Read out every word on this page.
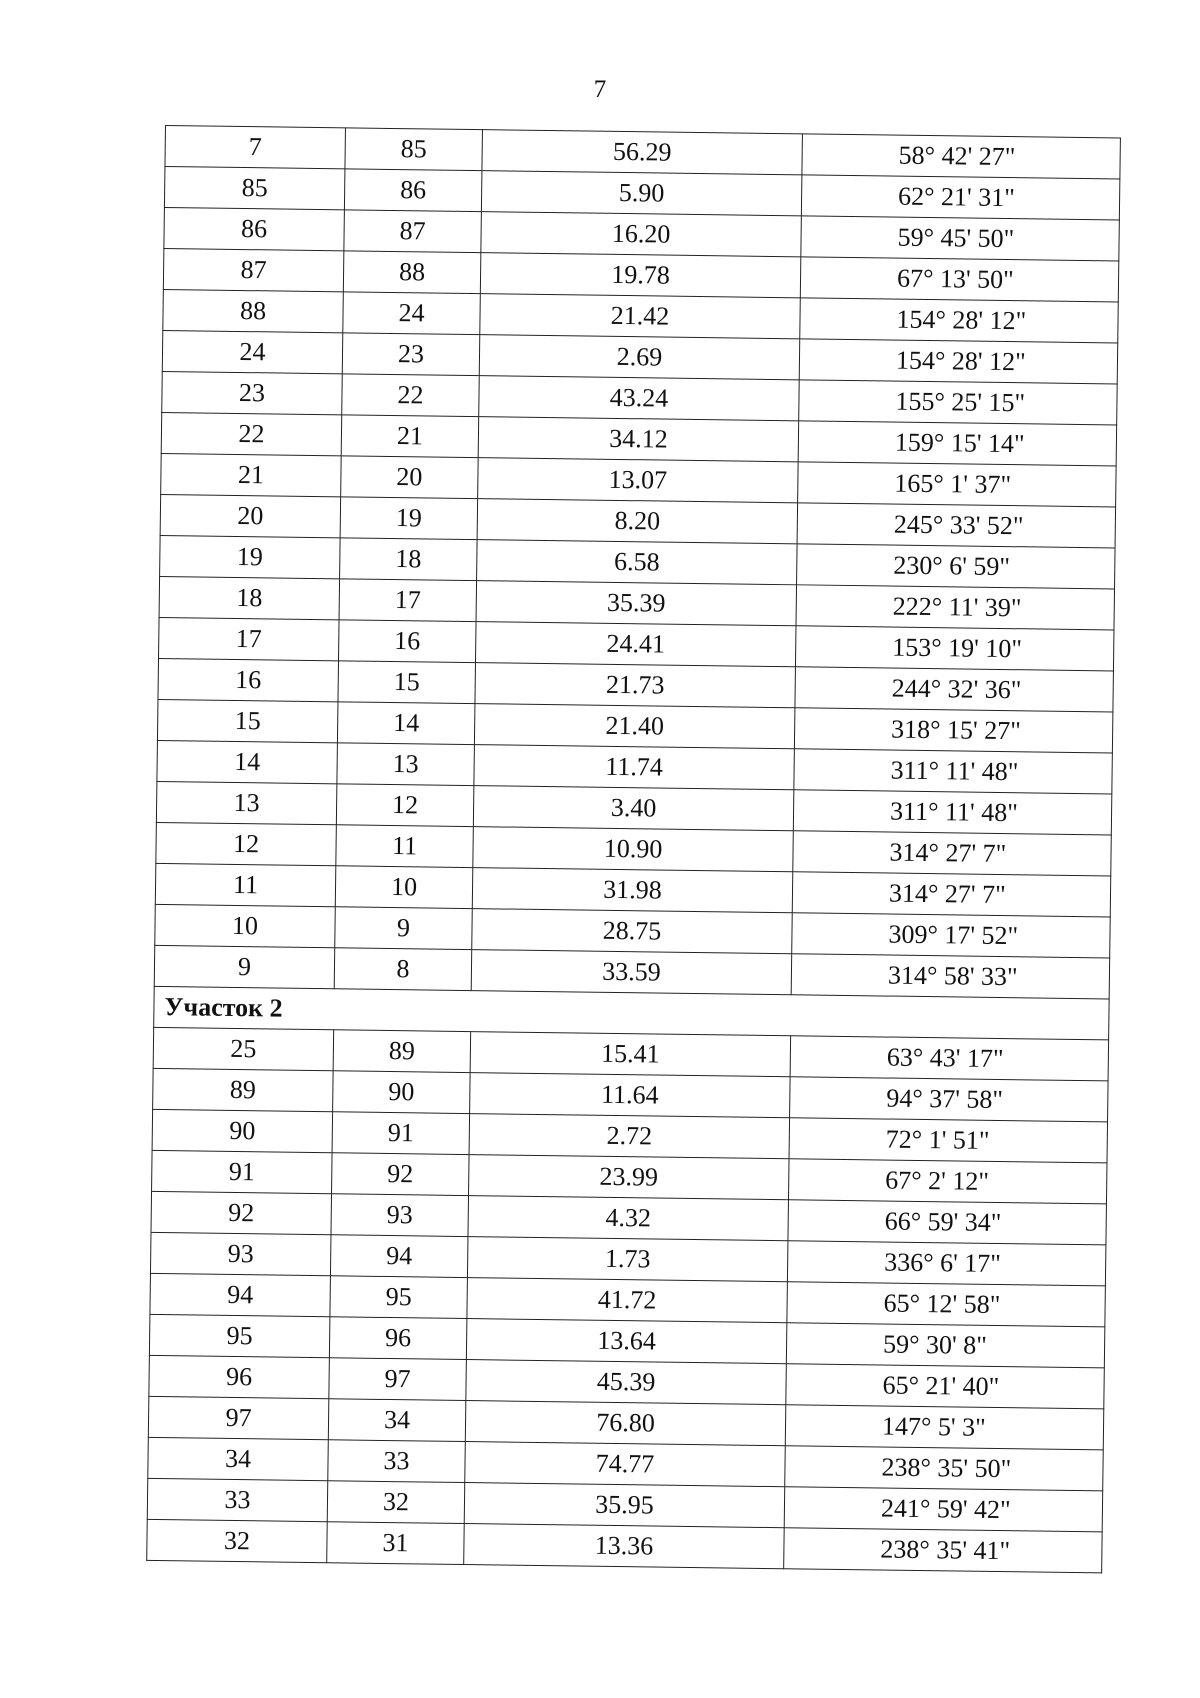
7
7	85	56.29	58° 42' 27"
85	86	5.90	62° 21' 31"
86	87	16.20	59° 45' 50"
87	88	19.78	67° 13' 50"
88	24	21.42	154° 28' 12"
24	23	2.69	154° 28' 12"
23	22	43.24	155° 25' 15"
22	21	34.12	159° 15' 14"
21	20	13.07	165° 1' 37"
20	19	8.20	245° 33' 52"
19	18	6.58	230° 6' 59"
18	17	35.39	222° 11' 39"
17	16	24.41	153° 19' 10"
16	15	21.73	244° 32' 36"
15	14	21.40	318° 15' 27"
14	13	11.74	311° 11' 48"
13	12	3.40	311° 11' 48"
12	11	10.90	314° 27' 7"
11	10	31.98	314° 27' 7"
10	9	28.75	309° 17' 52"
9	8	33.59	314° 58' 33"
Участок 2			
25	89	15.41	63° 43' 17"
89	90	11.64	94° 37' 58"
90	91	2.72	72° 1' 51"
91	92	23.99	67° 2' 12"
92	93	4.32	66° 59' 34"
93	94	1.73	336° 6' 17"
94	95	41.72	65° 12' 58"
95	96	13.64	59° 30' 8"
96	97	45.39	65° 21' 40"
97	34	76.80	147° 5' 3"
34	33	74.77	238° 35' 50"
33	32	35.95	241° 59' 42"
32	31	13.36	238° 35' 41"
